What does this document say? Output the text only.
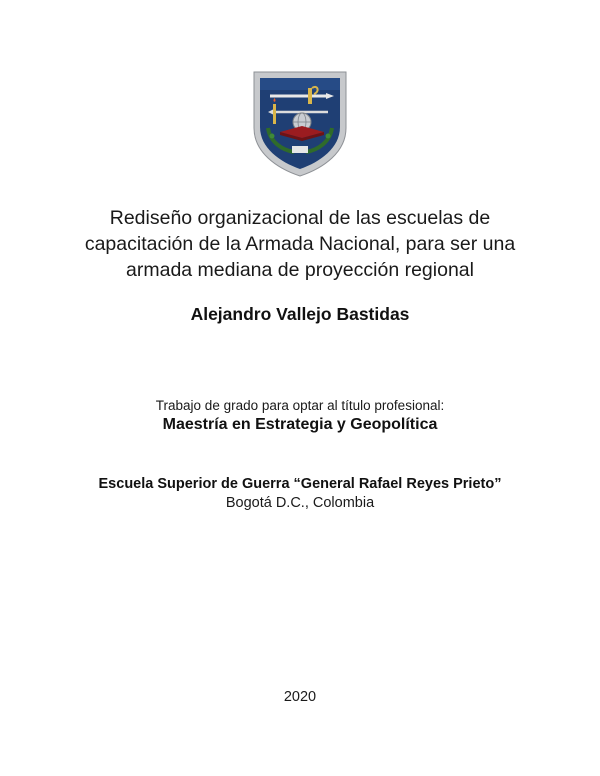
Rediseño organizacional de las escuelas de
capacitación de la Armada Nacional, para ser una
armada mediana de proyección regional
Alejandro Vallejo Bastidas
Trabajo de grado para optar al título profesional:
Maestría en Estrategia y Geopolítica
Escuela Superior de Guerra “General Rafael Reyes Prieto”
Bogotá D.C., Colombia
2020
